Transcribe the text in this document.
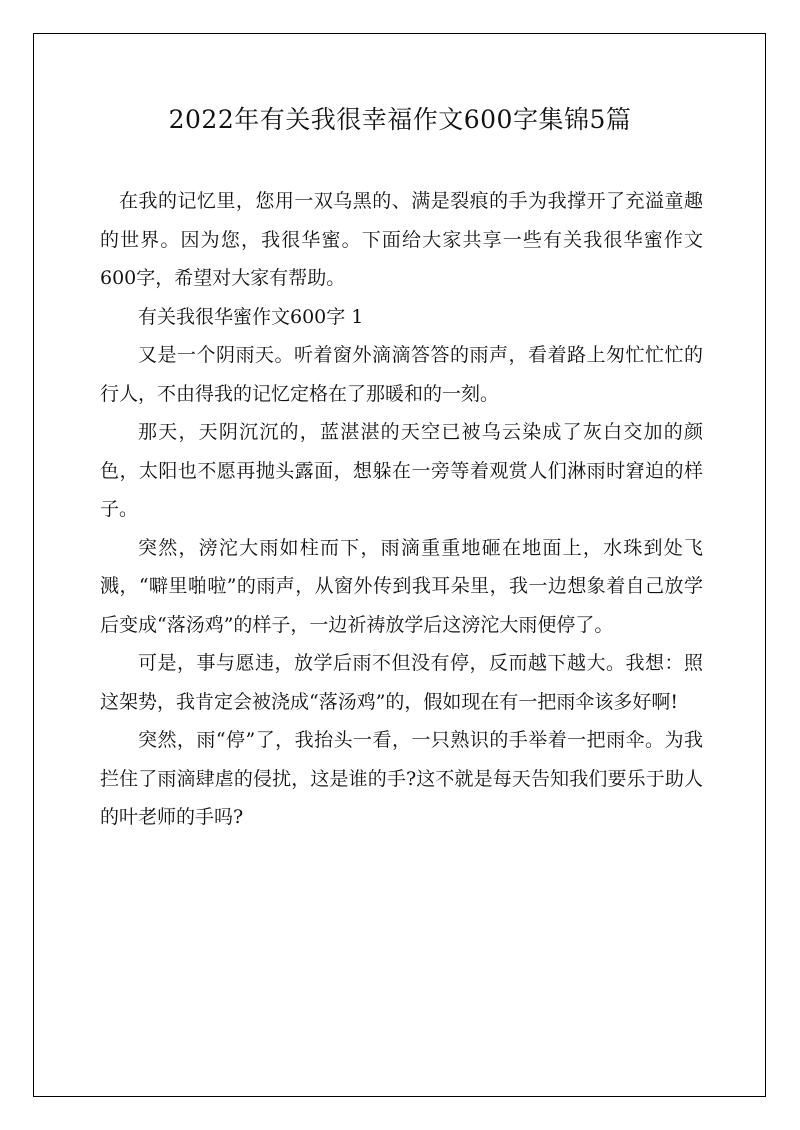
2022年有关我很幸福作文600字集锦5篇

在我的记忆里，您用一双乌黑的、满是裂痕的手为我撑开了充溢童趣的世界。因为您，我很华蜜。下面给大家共享一些有关我很华蜜作文600字，希望对大家有帮助。

有关我很华蜜作文600字 1

又是一个阴雨天。听着窗外滴滴答答的雨声，看着路上匆忙忙忙的行人，不由得我的记忆定格在了那暖和的一刻。

那天，天阴沉沉的，蓝湛湛的天空已被乌云染成了灰白交加的颜色，太阳也不愿再抛头露面，想躲在一旁等着观赏人们淋雨时窘迫的样子。

突然，滂沱大雨如柱而下，雨滴重重地砸在地面上，水珠到处飞溅，“噼里啪啦”的雨声，从窗外传到我耳朵里，我一边想象着自己放学后变成“落汤鸡”的样子，一边祈祷放学后这滂沱大雨便停了。

可是，事与愿违，放学后雨不但没有停，反而越下越大。我想：照这架势，我肯定会被浇成“落汤鸡”的，假如现在有一把雨伞该多好啊!

突然，雨“停”了，我抬头一看，一只熟识的手举着一把雨伞。为我拦住了雨滴肆虐的侵扰，这是谁的手?这不就是每天告知我们要乐于助人的叶老师的手吗?
